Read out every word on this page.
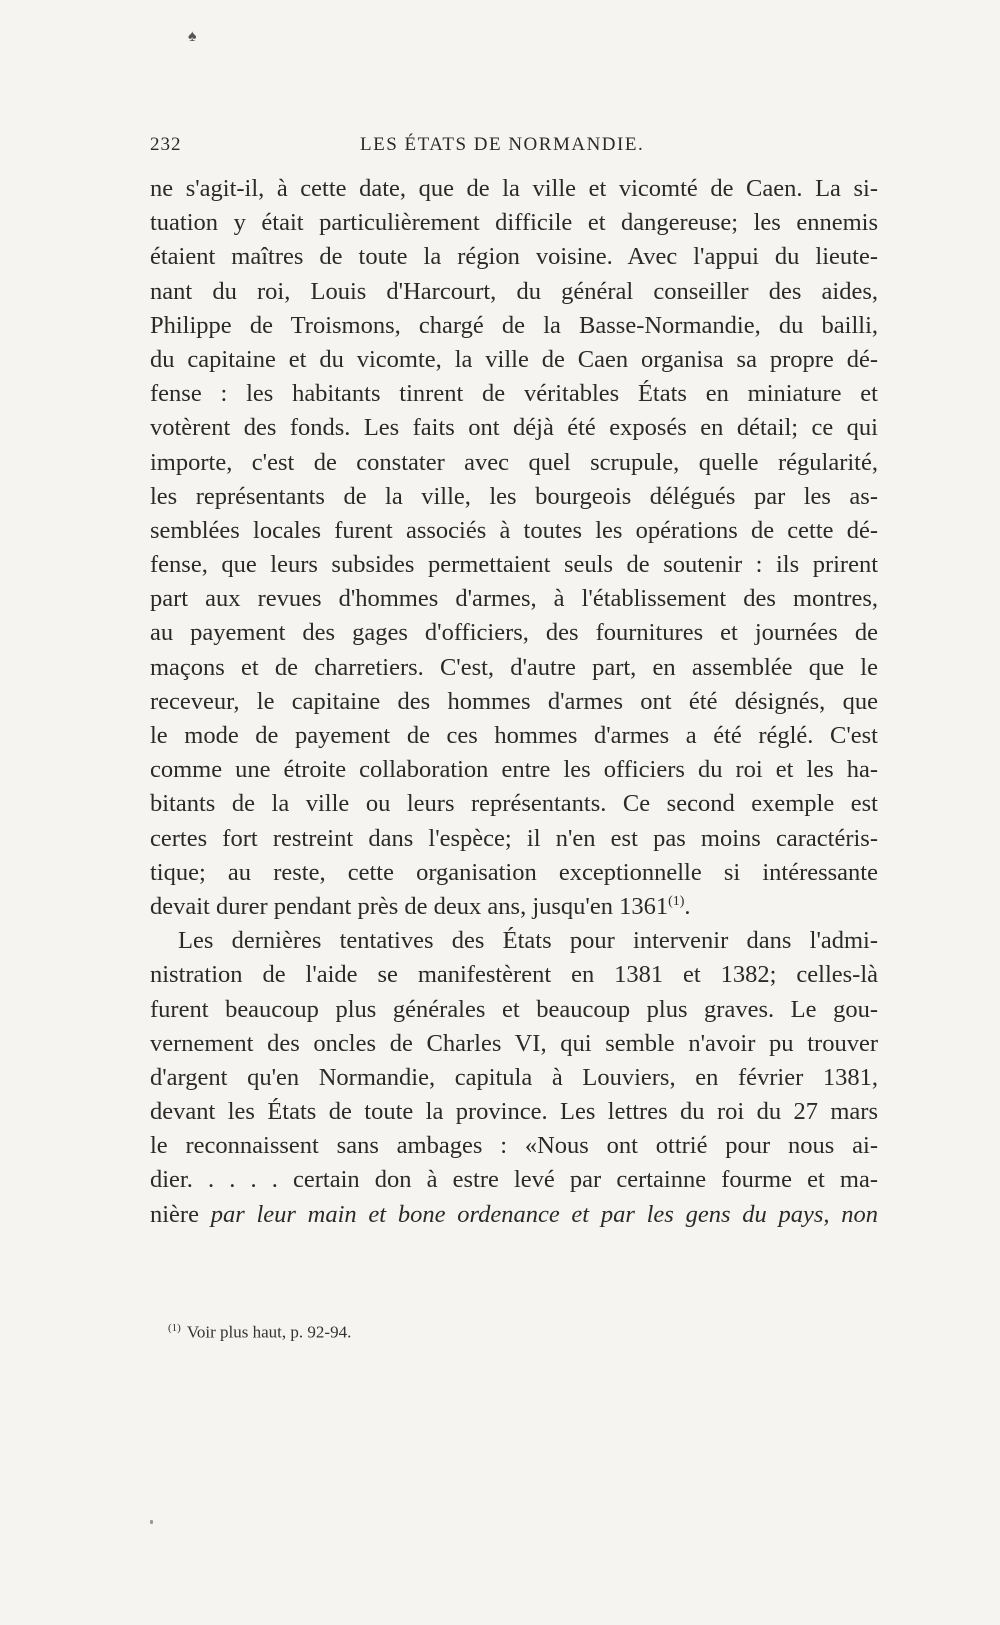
♠
232	LES ÉTATS DE NORMANDIE.
ne s'agit-il, à cette date, que de la ville et vicomté de Caen. La si-
tuation y était particulièrement difficile et dangereuse; les ennemis
étaient maîtres de toute la région voisine. Avec l'appui du lieute-
nant du roi, Louis d'Harcourt, du général conseiller des aides,
Philippe de Troismons, chargé de la Basse-Normandie, du bailli,
du capitaine et du vicomte, la ville de Caen organisa sa propre dé-
fense : les habitants tinrent de véritables États en miniature et
votèrent des fonds. Les faits ont déjà été exposés en détail; ce qui
importe, c'est de constater avec quel scrupule, quelle régularité,
les représentants de la ville, les bourgeois délégués par les as-
semblées locales furent associés à toutes les opérations de cette dé-
fense, que leurs subsides permettaient seuls de soutenir : ils prirent
part aux revues d'hommes d'armes, à l'établissement des montres,
au payement des gages d'officiers, des fournitures et journées de
maçons et de charretiers. C'est, d'autre part, en assemblée que le
receveur, le capitaine des hommes d'armes ont été désignés, que
le mode de payement de ces hommes d'armes a été réglé. C'est
comme une étroite collaboration entre les officiers du roi et les ha-
bitants de la ville ou leurs représentants. Ce second exemple est
certes fort restreint dans l'espèce; il n'en est pas moins caractéris-
tique; au reste, cette organisation exceptionnelle si intéressante
devait durer pendant près de deux ans, jusqu'en 1361$^{(1)}$.
Les dernières tentatives des États pour intervenir dans l'admi-
nistration de l'aide se manifestèrent en 1381 et 1382; celles-là
furent beaucoup plus générales et beaucoup plus graves. Le gou-
vernement des oncles de Charles VI, qui semble n'avoir pu trouver
d'argent qu'en Normandie, capitula à Louviers, en février 1381,
devant les États de toute la province. Les lettres du roi du 27 mars
le reconnaissent sans ambages : «Nous ont ottrié pour nous ai-
dier. . . . . certain don à estre levé par certainne fourme et ma-
nière par leur main et bone ordenance et par les gens du pays, non
$^{(1)}$ Voir plus haut, p. 92-94.
